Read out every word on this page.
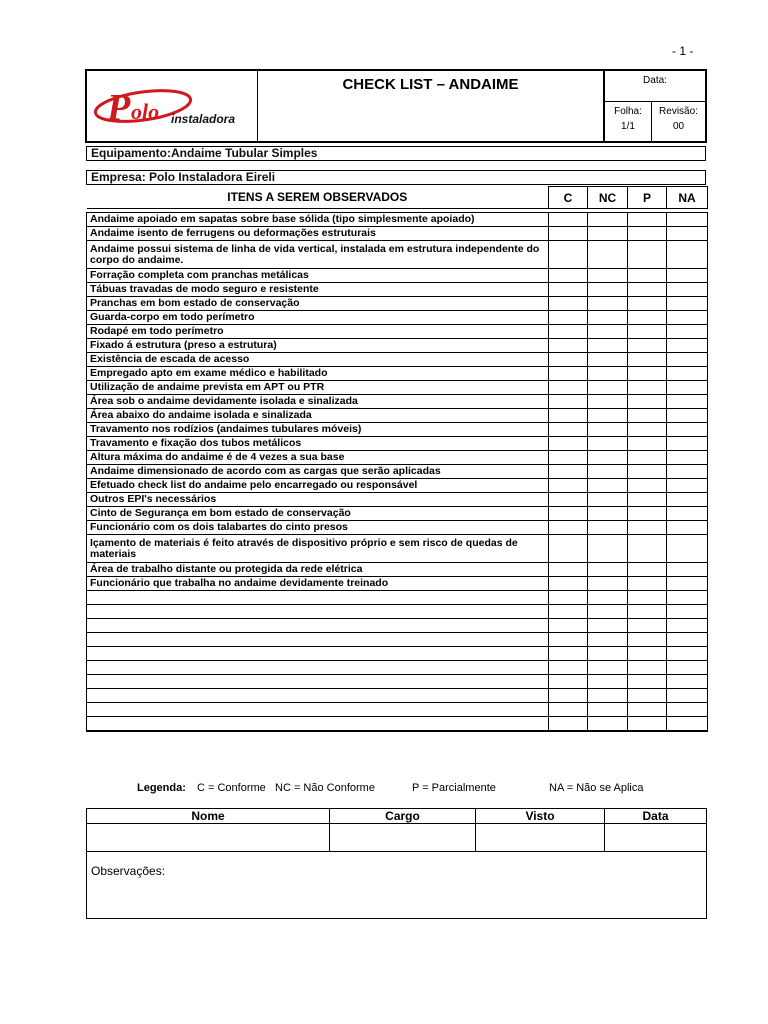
- 1 -
P olo instaladora
CHECK LIST – ANDAIME	Data:
Folha:
1/1
Revisão:
00
Equipamento:Andaime Tubular Simples
Empresa: Polo Instaladora Eireli
ITENS A SEREM OBSERVADOS	C	NC	P	NA

Andaime apoiado em sapatas sobre base sólida (tipo simplesmente apoiado)				
Andaime isento de ferrugens ou deformações estruturais				
Andaime possui sistema de linha de vida vertical, instalada em estrutura independente do corpo do andaime.				
Forração completa com pranchas metálicas				
Tábuas travadas de modo seguro e resistente				
Pranchas em bom estado de conservação				
Guarda-corpo em todo perímetro				
Rodapé em todo perímetro				
Fixado á estrutura (preso a estrutura)				
Existência de escada de acesso				
Empregado apto em exame médico e habilitado				
Utilização de andaime prevista em APT ou PTR				
Área sob o andaime devidamente isolada e sinalizada				
Área abaixo do andaime isolada e sinalizada				
Travamento nos rodízios (andaimes tubulares móveis)				
Travamento e fixação dos tubos metálicos				
Altura máxima do andaime é de 4 vezes a sua base				
Andaime dimensionado de acordo com as cargas que serão aplicadas				
Efetuado check list do andaime pelo encarregado ou responsável				
Outros EPI's necessários				
Cinto de Segurança em bom estado de conservação				
Funcionário com os dois talabartes do cinto presos				
Içamento de materiais é feito através de dispositivo próprio e sem risco de quedas de materiais				
Área de trabalho distante ou protegida da rede elétrica				
Funcionário que trabalha no andaime devidamente treinado				

Legenda: C = Conforme NC = Não Conforme	P = Parcialmente	NA = Não se Aplica
Nome	Cargo	Visto	Data

Observações:			
